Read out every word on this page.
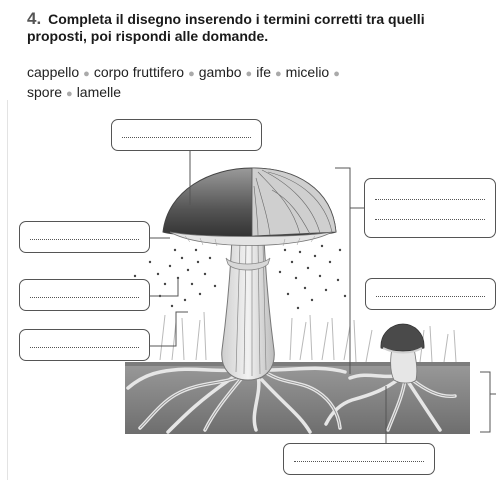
4. Completa il disegno inserendo i termini corretti tra quelli proposti, poi rispondi alle domande.
cappello ● corpo fruttifero ● gambo ● ife ● micelio ●
spore ● lamelle
